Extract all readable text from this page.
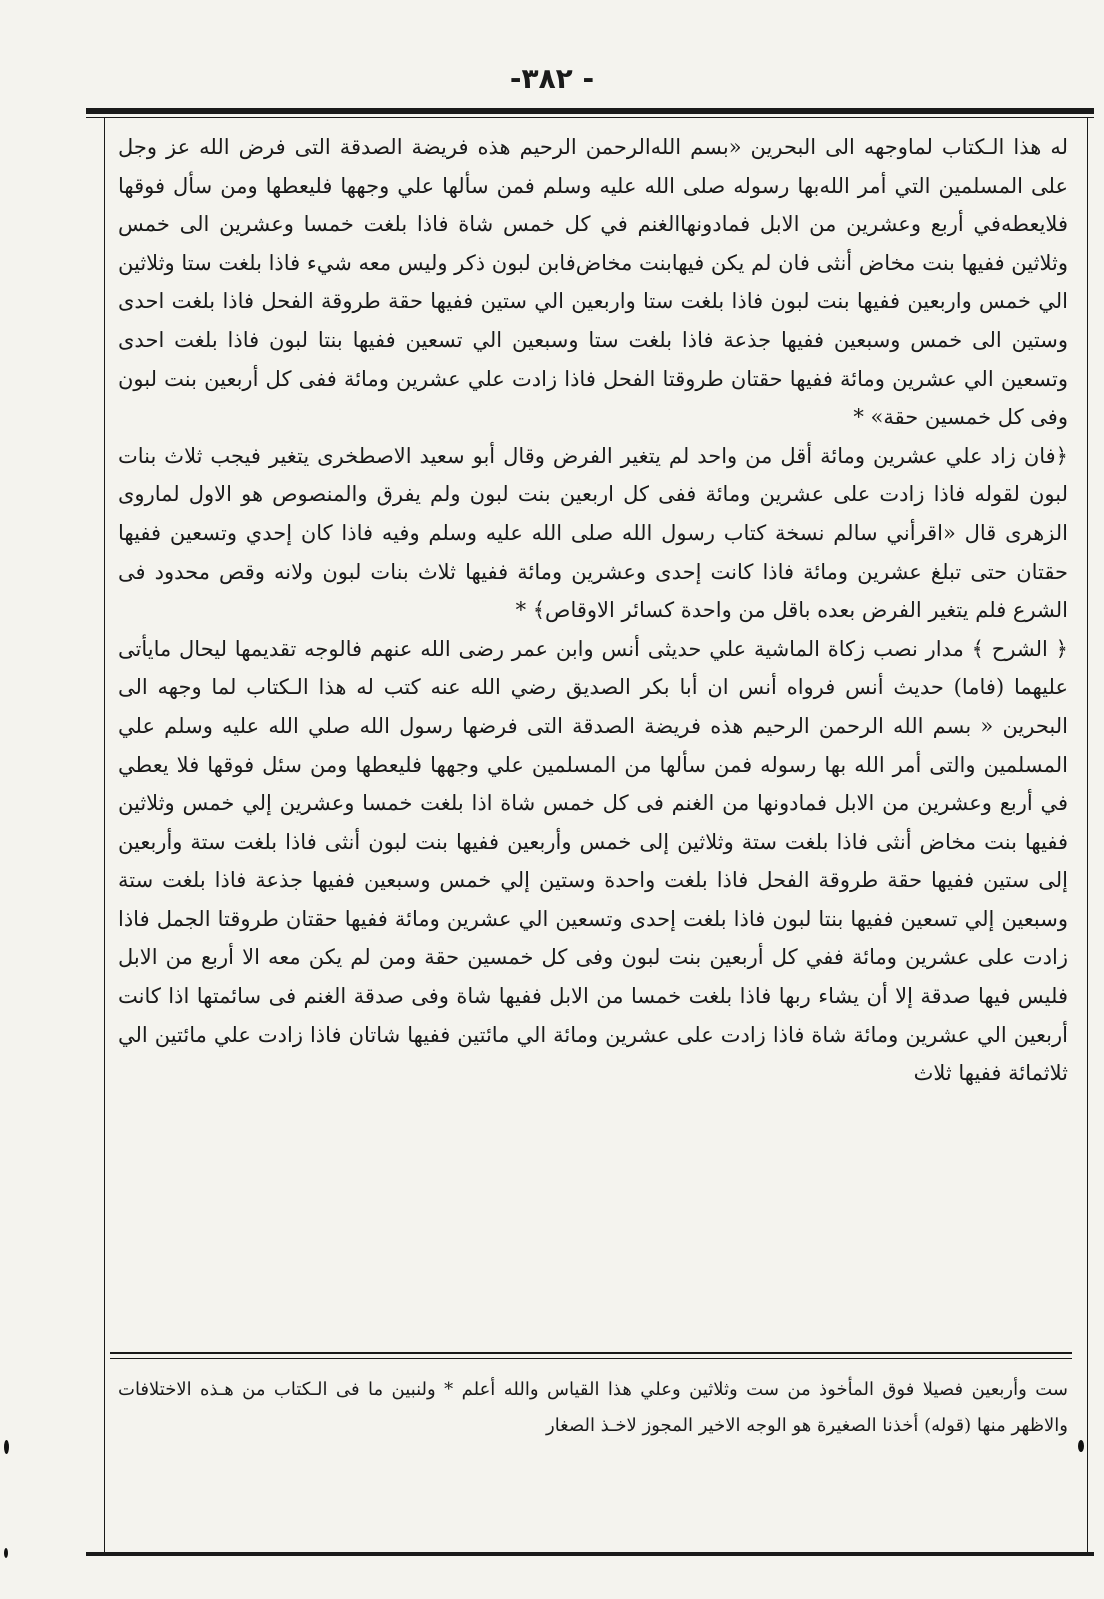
-٣٨٢ -

له هذا الـكتاب لماوجهه الى البحرين «بسم الله‌الرحمن الرحيم هذه فريضة الصدقة التى فرض الله عز وجل على المسلمين التي أمر الله‌بها رسوله صلى الله عليه وسلم فمن سألها علي وجهها فليعطها ومن سأل فوقها فلايعطه‌في أربع وعشرين من الابل فمادونها‌الغنم في كل خمس شاة فاذا بلغت خمسا وعشرين الى خمس وثلاثين ففيها بنت مخاض أنثى فان لم يكن فيهابنت مخاض‌فابن لبون ذكر وليس معه شيء فاذا بلغت ستا وثلاثين الي خمس واربعين ففيها بنت لبون فاذا بلغت ستا واربعين الي ستين ففيها حقة طروقة الفحل فاذا بلغت احدى وستين الى خمس وسبعين ففيها جذعة فاذا بلغت ستا وسبعين الي تسعين ففيها بنتا لبون فاذا بلغت احدى وتسعين الي عشرين ومائة ففيها حقتان طروقتا الفحل فاذا زادت علي عشرين ومائة ففى كل أربعين بنت لبون وفى كل خمسين حقة» *

﴿فان زاد علي عشرين ومائة أقل من واحد لم يتغير الفرض وقال أبو سعيد الاصطخرى يتغير فيجب ثلاث بنات لبون لقوله فاذا زادت على عشرين ومائة ففى كل اربعين بنت لبون ولم يفرق والمنصوص هو الاول لماروى الزهرى قال «اقرأني سالم نسخة كتاب رسول الله صلى الله عليه وسلم وفيه فاذا كان إحدي وتسعين ففيها حقتان حتى تبلغ عشرين ومائة فاذا كانت إحدى وعشرين ومائة ففيها ثلاث بنات لبون ولانه وقص محدود فى الشرع فلم يتغير الفرض بعده باقل من واحدة كسائر الاوقاص﴾ *

﴿ الشرح ﴾ مدار نصب زكاة الماشية علي حديثى أنس وابن عمر رضى الله عنهم فالوجه تقديمها ليحال مايأتى عليهما (فاما) حديث أنس فرواه أنس ان أبا بكر الصديق رضي الله عنه كتب له هذا الـكتاب لما وجهه الى البحرين « بسم الله الرحمن الرحيم هذه فريضة الصدقة التى فرضها رسول الله صلي الله عليه وسلم علي المسلمين والتى أمر الله بها رسوله فمن سألها من المسلمين علي وجهها فليعطها ومن سئل فوقها فلا يعطي في أربع وعشرين من الابل فمادونها من الغنم فى كل خمس شاة اذا بلغت خمسا وعشرين إلي خمس وثلاثين ففيها بنت مخاض أنثى فاذا بلغت ستة وثلاثين إلى خمس وأربعين ففيها بنت لبون أنثى فاذا بلغت ستة وأربعين إلى ستين ففيها حقة طروقة الفحل فاذا بلغت واحدة وستين إلي خمس وسبعين ففيها جذعة فاذا بلغت ستة وسبعين إلي تسعين ففيها بنتا لبون فاذا بلغت إحدى وتسعين الي عشرين ومائة ففيها حقتان طروقتا الجمل فاذا زادت على عشرين ومائة ففي كل أربعين بنت لبون وفى كل خمسين حقة ومن لم يكن معه الا أربع من الابل فليس فيها صدقة إلا أن يشاء ربها فاذا بلغت خمسا من الابل ففيها شاة وفى صدقة الغنم فى سائمتها اذا كانت أربعين الي عشرين ومائة شاة فاذا زادت على عشرين ومائة الي مائتين ففيها شاتان فاذا زادت علي مائتين الي ثلاثمائة ففيها ثلاث

ست وأربعين فصيلا فوق المأخوذ من ست وثلاثين وعلي هذا القياس والله أعلم * ولنبين ما فى الـكتاب من هـذه الاختلافات والاظهر منها (قوله) أخذنا الصغيرة هو الوجه الاخير المجوز لاخـذ الصغار
